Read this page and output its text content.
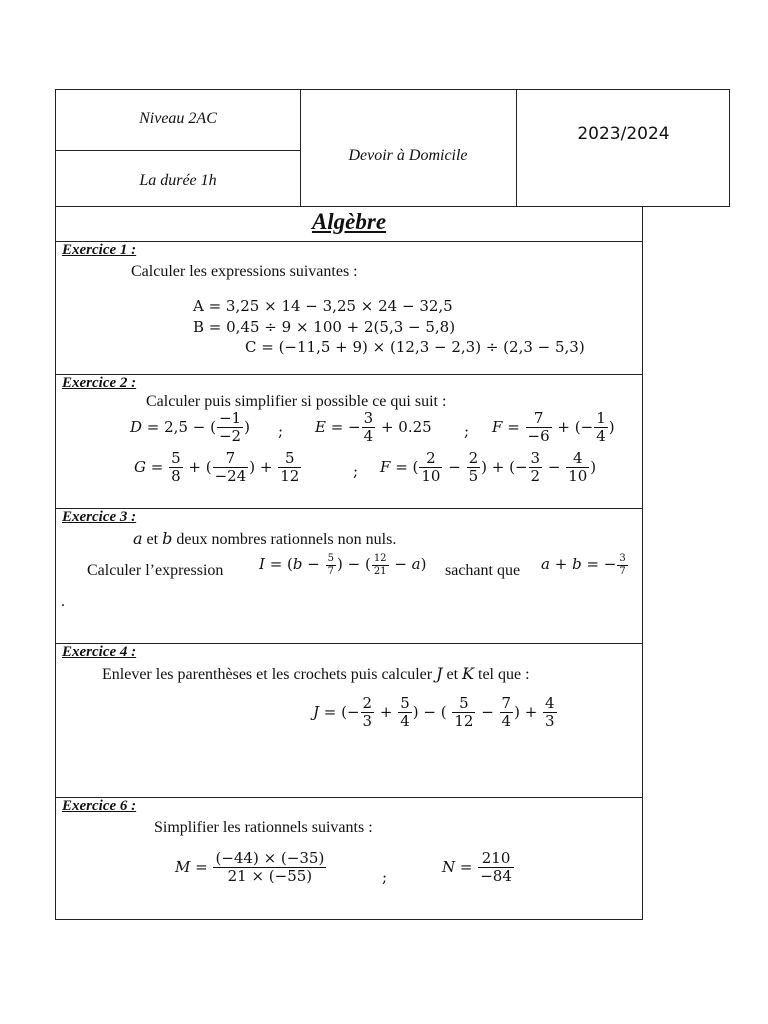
Niveau 2AC
La durée 1h
Devoir à Domicile
2023/2024
Algèbre
Exercice 1 :
Calculer les expressions suivantes :
A = 3,25 × 14 − 3,25 × 24 − 32,5
B = 0,45 ÷ 9 × 100 + 2(5,3 − 5,8)
C = (−11,5 + 9) × (12,3 − 2,3) ÷ (2,3 − 5,3)
Exercice 2 :
Calculer puis simplifier si possible ce qui suit :
D = 2,5 − ( $\frac{-1}{-2}$ ) ; E = − $\frac{3}{4} + 0.25$ ; $F = \frac{7}{-6}$ + (− $\frac{1}{4}$ )
$G = \frac{5}{8}$ + ( $\frac{7}{-24}$ ) + $\frac{5}{12}$	; F = ( $\frac{2}{10} - \frac{2}{5}$ ) + (− $\frac{3}{2} - \frac{4}{10}$ )
Exercice 3 :
a et b deux nombres rationnels non nuls.
Calculer l’expression $I = (b - \frac{5}{7}$ ) − ( $\frac{12}{21} - a$) sachant que a + b = − $\frac{3}{7}$
.
Exercice 4 :
Enlever les parenthèses et les crochets puis calculer J et K tel que :
J = (− $\frac{2}{3} + \frac{5}{4}$ ) − ( $\frac{5}{12} - \frac{7}{4}$ ) + $\frac{4}{3}$
Exercice 6 :
Simplifier les rationnels suivants :
$M = \frac{(-44) \times (-35)}{21 \times (-55)}$	;
$N = \frac{210}{-84}$
